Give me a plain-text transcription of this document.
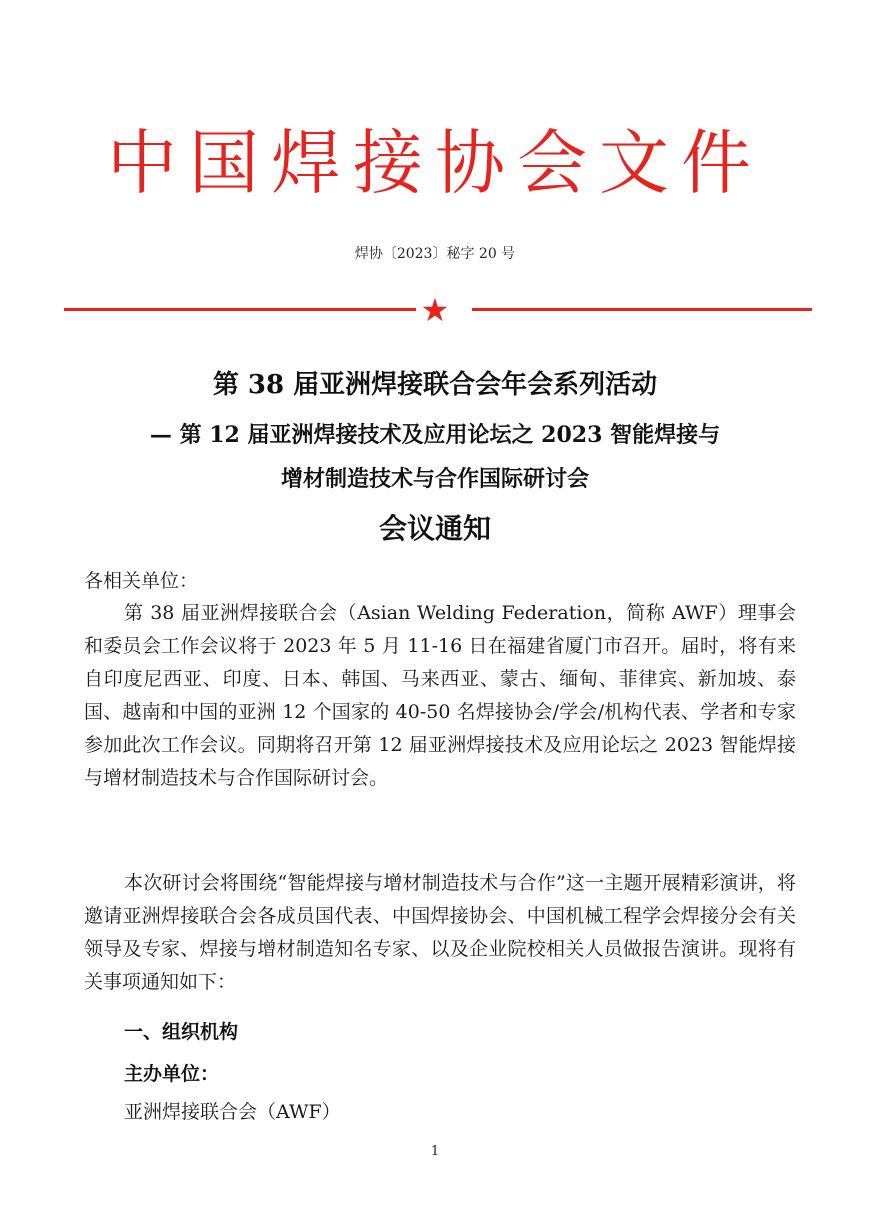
中国焊接协会文件
焊协〔2023〕秘字 20 号
★
第 38 届亚洲焊接联合会年会系列活动
— 第 12 届亚洲焊接技术及应用论坛之 2023 智能焊接与
增材制造技术与合作国际研讨会
会议通知
各相关单位：
第 38 届亚洲焊接联合会（Asian Welding Federation，简称 AWF）理事会和委员会工作会议将于 2023 年 5 月 11-16 日在福建省厦门市召开。届时，将有来自印度尼西亚、印度、日本、韩国、马来西亚、蒙古、缅甸、菲律宾、新加坡、泰国、越南和中国的亚洲 12 个国家的 40-50 名焊接协会/学会/机构代表、学者和专家参加此次工作会议。同期将召开第 12 届亚洲焊接技术及应用论坛之 2023 智能焊接与增材制造技术与合作国际研讨会。
本次研讨会将围绕“智能焊接与增材制造技术与合作”这一主题开展精彩演讲，将邀请亚洲焊接联合会各成员国代表、中国焊接协会、中国机械工程学会焊接分会有关领导及专家、焊接与增材制造知名专家、以及企业院校相关人员做报告演讲。现将有关事项通知如下：
一、组织机构
主办单位：
亚洲焊接联合会（AWF）
1
